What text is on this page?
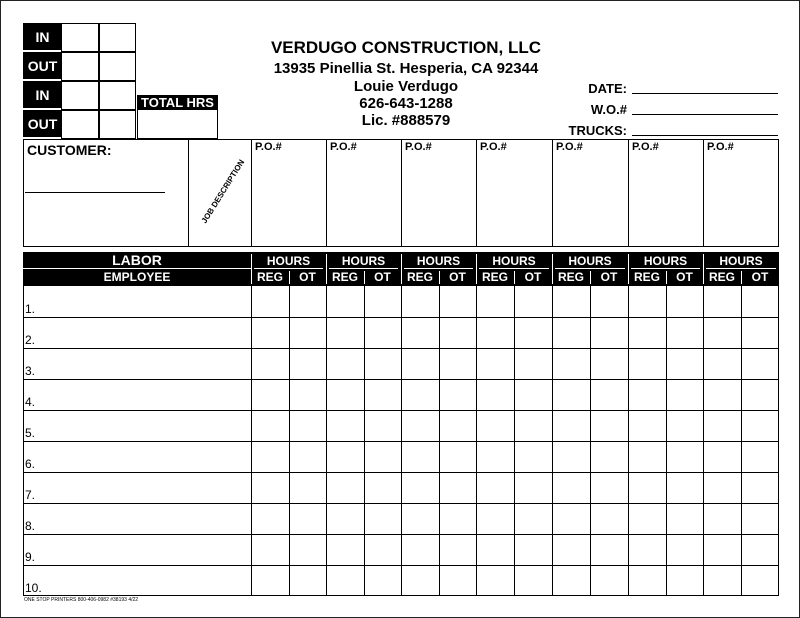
TOTAL HRS
VERDUGO CONSTRUCTION, LLC
13935 Pinellia St. Hesperia, CA 92344
Louie Verdugo
626-643-1288
Lic. #888579
DATE:
W.O.#
TRUCKS:
CUSTOMER:
JOB DESCRIPTION
ONE STOP PRINTERS 800-406-0982 #38193 4/22
IN
OUT
IN
OUT
P.O.#	P.O.#	P.O.#	P.O.#	P.O.#	P.O.#	P.O.#
LABOR
EMPLOYEE
HOURS
REG	OT
HOURS
REG	OT
HOURS
REG	OT
HOURS
REG	OT
HOURS
REG	OT
HOURS
REG	OT
HOURS
REG	OT
1.
2.
3.
4.
5.
6.
7.
8.
9.
10.
